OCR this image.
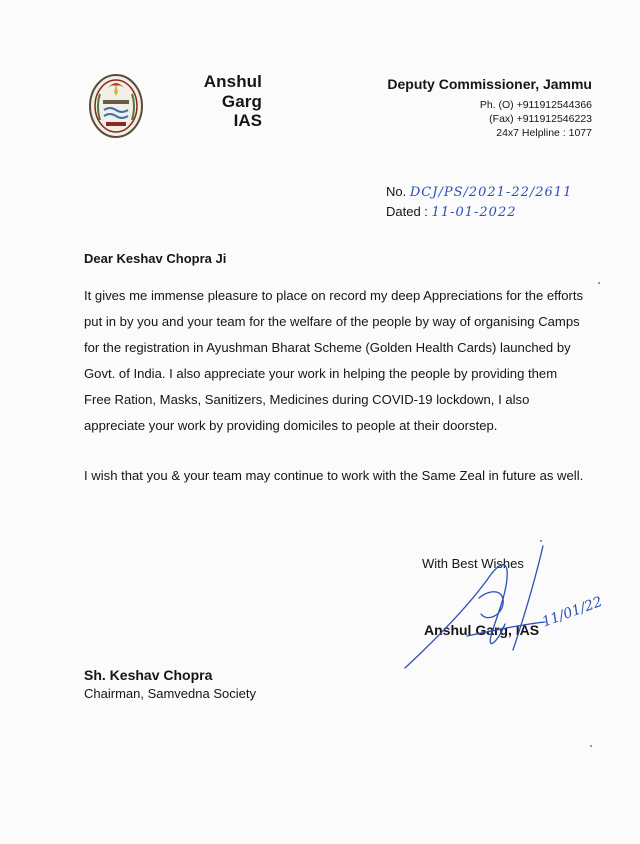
Anshul Garg
IAS
Deputy Commissioner, Jammu
Ph. (O) +911912544366
(Fax) +911912546223
24x7 Helpline : 1077
No. DCJ/PS/2021-22/2611
Dated : 11-01-2022
Dear Keshav Chopra Ji

It gives me immense pleasure to place on record my deep Appreciations for the efforts put in by you and your team for the welfare of the people by way of organising Camps for the registration in Ayushman Bharat Scheme (Golden Health Cards) launched by Govt. of India. I also appreciate your work in helping the people by providing them Free Ration, Masks, Sanitizers, Medicines during COVID-19 lockdown, I also appreciate your work by providing domiciles to people at their doorstep.

I wish that you & your team may continue to work with the Same Zeal in future as well.

With Best Wishes
Anshul Garg, IAS 11/01/22
Sh. Keshav Chopra
Chairman, Samvedna Society
